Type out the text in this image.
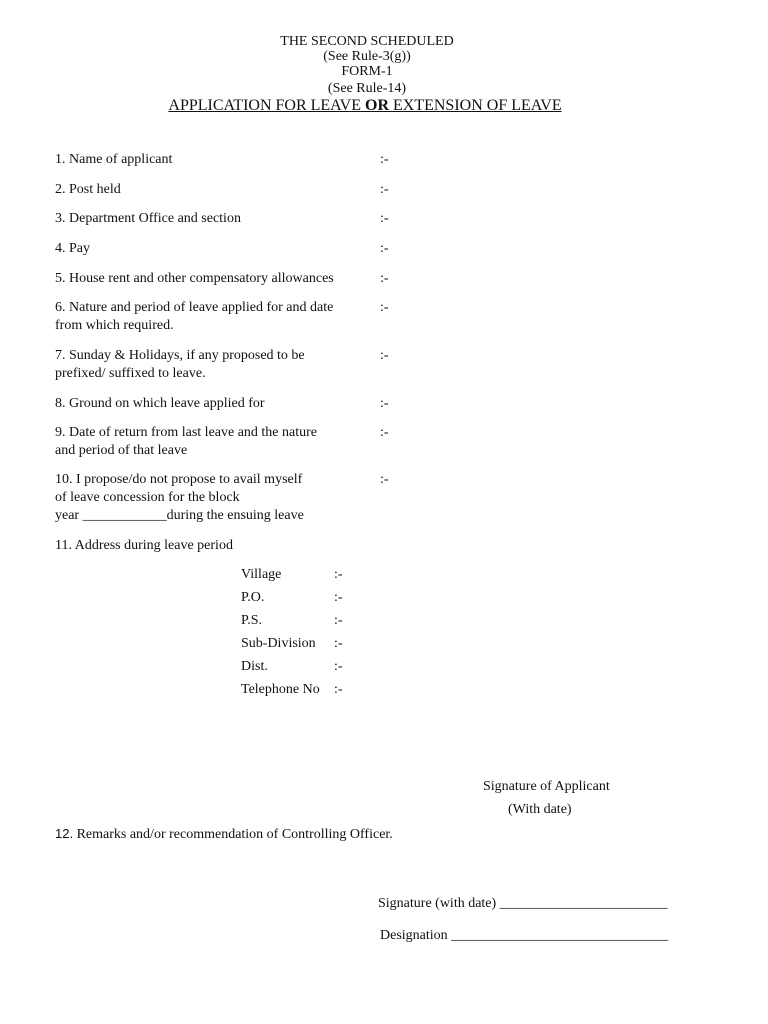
THE SECOND SCHEDULED
(See Rule-3(g))
FORM-1
(See Rule-14)
APPLICATION FOR LEAVE OR EXTENSION OF LEAVE
1. Name of applicant	:-
2. Post held	:-
3. Department Office and section	:-
4. Pay	:-
5. House rent and other compensatory allowances	:-
6. Nature and period of leave applied for and date
from which required.
:-
7. Sunday & Holidays, if any proposed to be
prefixed/ suffixed to leave.
:-
8. Ground on which leave applied for	:-
9. Date of return from last leave and the nature
and period of that leave
:-
10. I propose/do not propose to avail myself
of leave concession for the block
year ____________during the ensuing leave
:-
11. Address during leave period
Village	:-
P.O.	:-
P.S.	:-
Sub-Division :-
Dist.	:-
Telephone No :-
Signature of Applicant
(With date)
12. Remarks and/or recommendation of Controlling Officer.
Signature (with date) ________________________
Designation _______________________________
